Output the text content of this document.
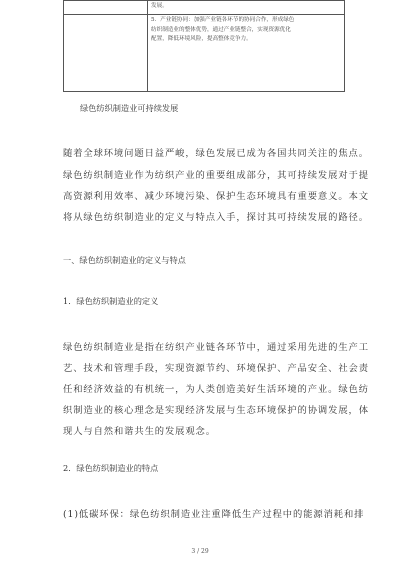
	发展。

	5．产业链协同：加强产业链各环节的协同合作，形成绿色
纺织制造业的整体优势，通过产业链整合，实现资源优化
配置，降低环境风险，提高整体竞争力。
绿色纺织制造业可持续发展
随着全球环境问题日益严峻，绿色发展已成为各国共同关注的焦点。
绿色纺织制造业作为纺织产业的重要组成部分，其可持续发展对于提
高资源利用效率、减少环境污染、保护生态环境具有重要意义。本文
将从绿色纺织制造业的定义与特点入手，探讨其可持续发展的路径。
一、绿色纺织制造业的定义与特点
1．绿色纺织制造业的定义
绿色纺织制造业是指在纺织产业链各环节中，通过采用先进的生产工
艺、技术和管理手段，实现资源节约、环境保护、产品安全、社会责
任和经济效益的有机统一，为人类创造美好生活环境的产业。绿色纺
织制造业的核心理念是实现经济发展与生态环境保护的协调发展，体
现人与自然和谐共生的发展观念。
2．绿色纺织制造业的特点
(1)低碳环保：绿色纺织制造业注重降低生产过程中的能源消耗和排
3 / 29
